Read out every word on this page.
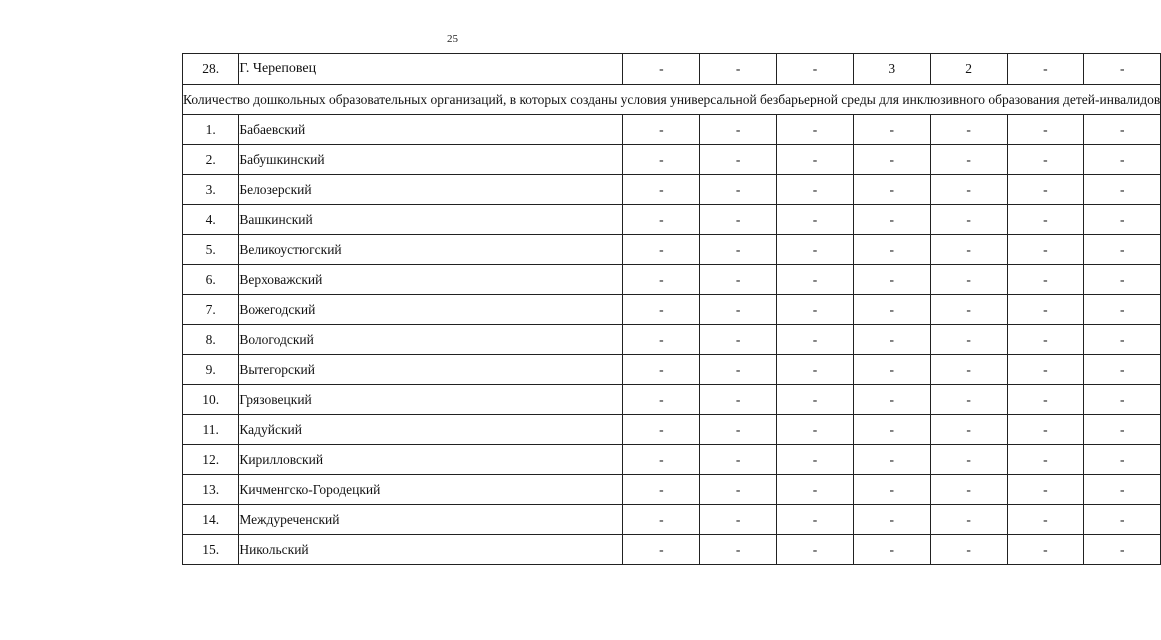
25
28.	Г. Череповец	-	-	-	3	2	-	-
Количество дошкольных образовательных организаций, в которых созданы условия универсальной безбарьерной среды для инклюзивного образования детей-инвалидов								
1.	Бабаевский	-	-	-	-	-	-	-
2.	Бабушкинский	-	-	-	-	-	-	-
3.	Белозерский	-	-	-	-	-	-	-
4.	Вашкинский	-	-	-	-	-	-	-
5.	Великоустюгский	-	-	-	-	-	-	-
6.	Верховажский	-	-	-	-	-	-	-
7.	Вожегодский	-	-	-	-	-	-	-
8.	Вологодский	-	-	-	-	-	-	-
9.	Вытегорский	-	-	-	-	-	-	-
10.	Грязовецкий	-	-	-	-	-	-	-
11.	Кадуйский	-	-	-	-	-	-	-
12.	Кирилловский	-	-	-	-	-	-	-
13.	Кичменгско-Городецкий	-	-	-	-	-	-	-
14.	Междуреченский	-	-	-	-	-	-	-
15.	Никольский	-	-	-	-	-	-	-
